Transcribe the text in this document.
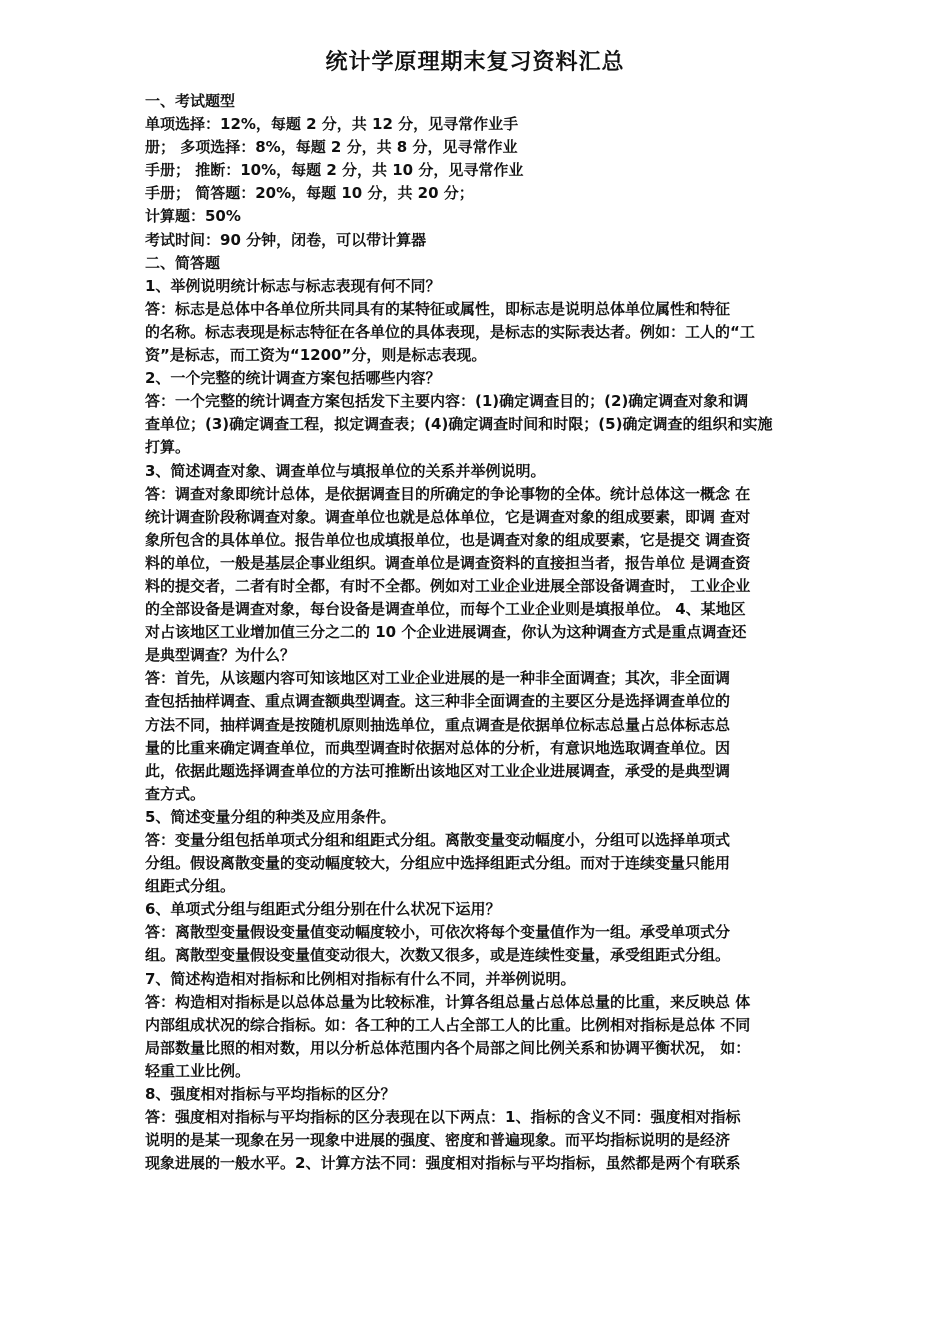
统计学原理期末复习资料汇总
一、考试题型
单项选择：12%，每题 2 分，共 12 分，见寻常作业手
册； 多项选择：8%，每题 2 分，共 8 分，见寻常作业
手册； 推断：10%，每题 2 分，共 10 分，见寻常作业
手册； 简答题：20%，每题 10 分，共 20 分；
计算题：50%
考试时间：90 分钟，闭卷，可以带计算器
二、简答题
1、举例说明统计标志与标志表现有何不同？
答：标志是总体中各单位所共同具有的某特征或属性，即标志是说明总体单位属性和特征
的名称。标志表现是标志特征在各单位的具体表现，是标志的实际表达者。例如：工人的“工
资”是标志，而工资为“1200”分，则是标志表现。
2、一个完整的统计调查方案包括哪些内容？
答：一个完整的统计调查方案包括发下主要内容：(1)确定调查目的；(2)确定调查对象和调
查单位；(3)确定调查工程，拟定调查表；(4)确定调查时间和时限；(5)确定调查的组织和实施
打算。
3、简述调查对象、调查单位与填报单位的关系并举例说明。
答：调查对象即统计总体，是依据调查目的所确定的争论事物的全体。统计总体这一概念 在
统计调查阶段称调查对象。调查单位也就是总体单位，它是调查对象的组成要素，即调 查对
象所包含的具体单位。报告单位也成填报单位，也是调查对象的组成要素，它是提交 调查资
料的单位，一般是基层企事业组织。调查单位是调查资料的直接担当者，报告单位 是调查资
料的提交者，二者有时全都，有时不全都。例如对工业企业进展全部设备调查时， 工业企业
的全部设备是调查对象，每台设备是调查单位，而每个工业企业则是填报单位。 4、某地区
对占该地区工业增加值三分之二的 10 个企业进展调查，你认为这种调查方式是重点调查还
是典型调查？为什么？
答：首先，从该题内容可知该地区对工业企业进展的是一种非全面调查；其次，非全面调
查包括抽样调查、重点调查额典型调查。这三种非全面调查的主要区分是选择调查单位的
方法不同，抽样调查是按随机原则抽选单位，重点调查是依据单位标志总量占总体标志总
量的比重来确定调查单位，而典型调查时依据对总体的分析，有意识地选取调查单位。因
此，依据此题选择调查单位的方法可推断出该地区对工业企业进展调查，承受的是典型调
查方式。
5、简述变量分组的种类及应用条件。
答：变量分组包括单项式分组和组距式分组。离散变量变动幅度小，分组可以选择单项式
分组。假设离散变量的变动幅度较大，分组应中选择组距式分组。而对于连续变量只能用
组距式分组。
6、单项式分组与组距式分组分别在什么状况下运用？
答：离散型变量假设变量值变动幅度较小，可依次将每个变量值作为一组。承受单项式分
组。离散型变量假设变量值变动很大，次数又很多，或是连续性变量，承受组距式分组。
7、简述构造相对指标和比例相对指标有什么不同，并举例说明。
答：构造相对指标是以总体总量为比较标准，计算各组总量占总体总量的比重，来反映总 体
内部组成状况的综合指标。如：各工种的工人占全部工人的比重。比例相对指标是总体 不同
局部数量比照的相对数，用以分析总体范围内各个局部之间比例关系和协调平衡状况， 如：
轻重工业比例。
8、强度相对指标与平均指标的区分？
答：强度相对指标与平均指标的区分表现在以下两点：1、指标的含义不同：强度相对指标
说明的是某一现象在另一现象中进展的强度、密度和普遍现象。而平均指标说明的是经济
现象进展的一般水平。2、计算方法不同：强度相对指标与平均指标，虽然都是两个有联系
